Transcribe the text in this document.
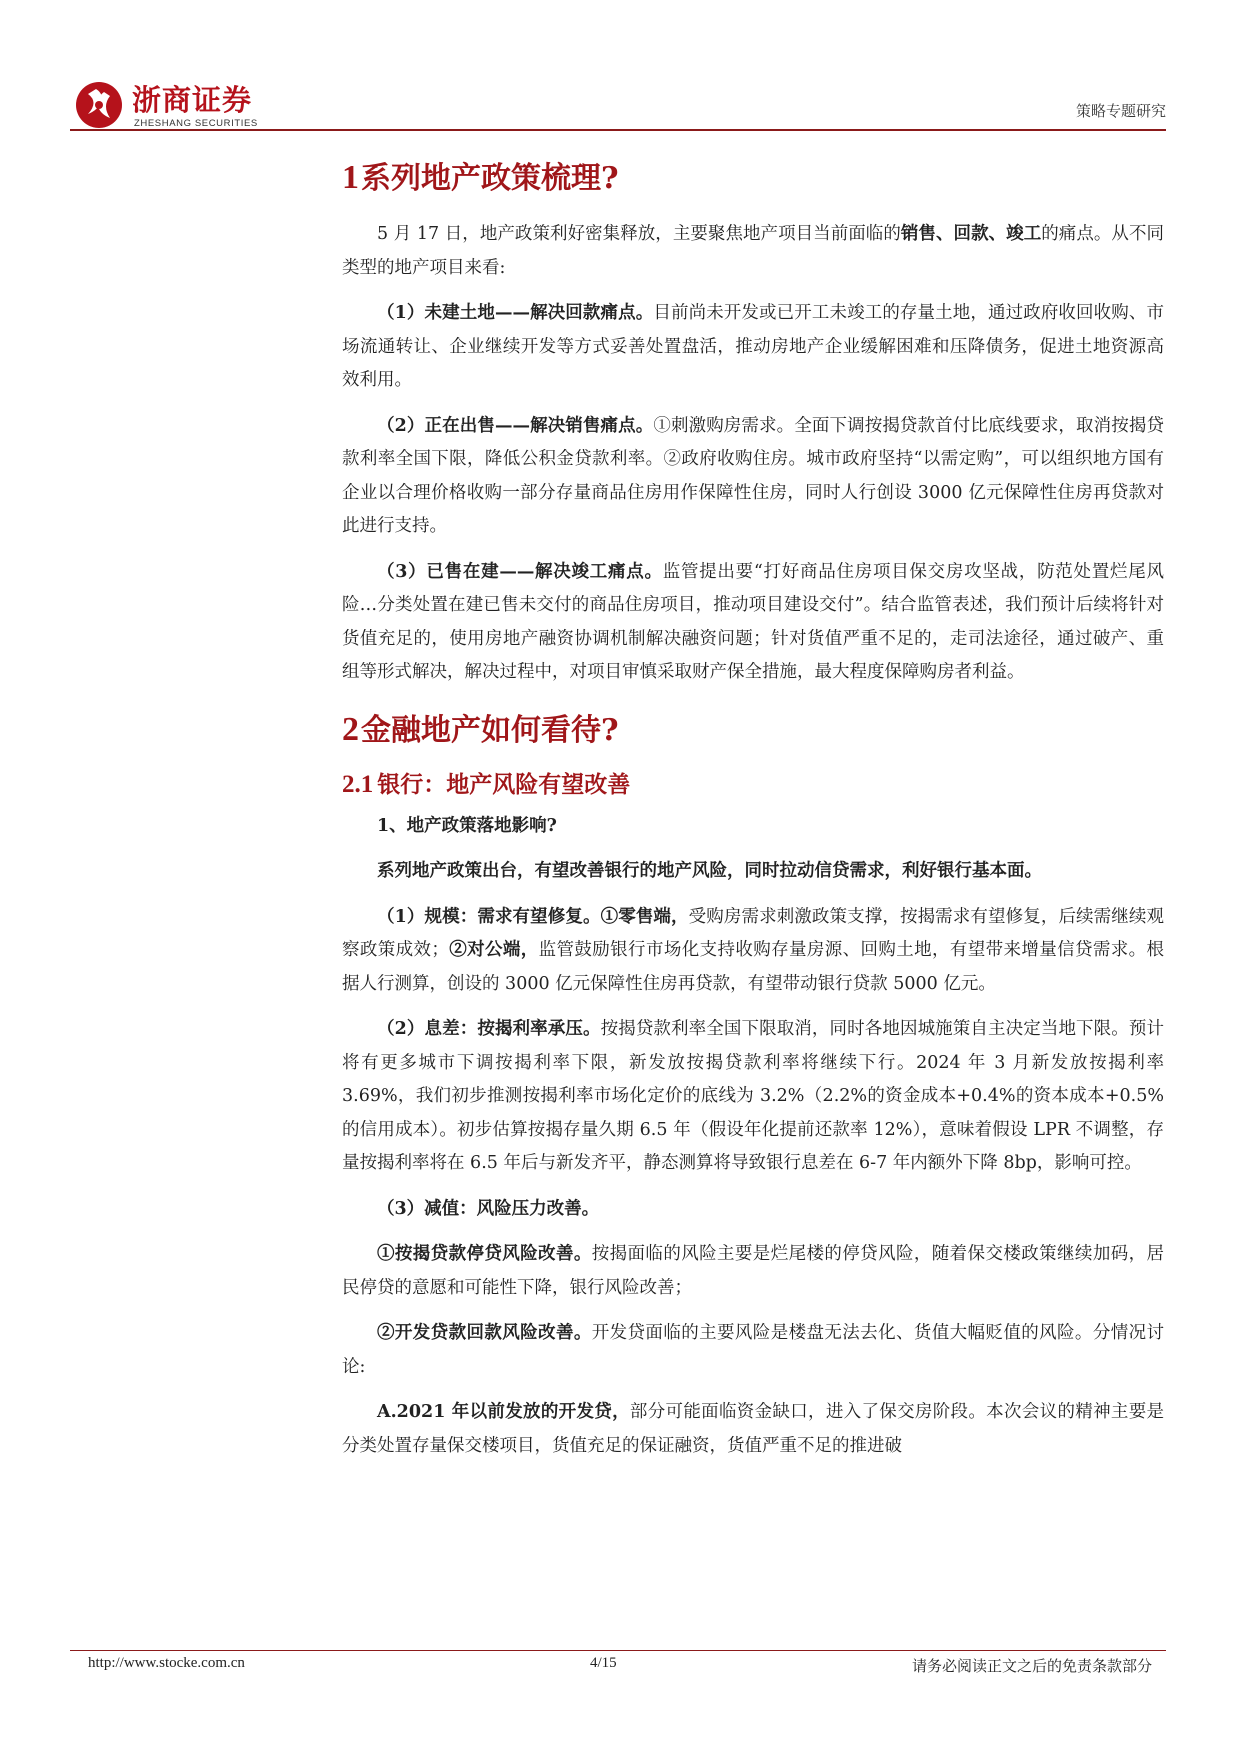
浙商证券
ZHESHANG SECURITIES
策略专题研究
1系列地产政策梳理?

5 月 17 日，地产政策利好密集释放，主要聚焦地产项目当前面临的销售、回款、竣工的痛点。从不同类型的地产项目来看:

（1）未建土地——解决回款痛点。目前尚未开发或已开工未竣工的存量土地，通过政府收回收购、市场流通转让、企业继续开发等方式妥善处置盘活，推动房地产企业缓解困难和压降债务，促进土地资源高效利用。

（2）正在出售——解决销售痛点。①刺激购房需求。全面下调按揭贷款首付比底线要求，取消按揭贷款利率全国下限，降低公积金贷款利率。②政府收购住房。城市政府坚持“以需定购”，可以组织地方国有企业以合理价格收购一部分存量商品住房用作保障性住房，同时人行创设 3000 亿元保障性住房再贷款对此进行支持。

（3）已售在建——解决竣工痛点。监管提出要“打好商品住房项目保交房攻坚战，防范处置烂尾风险…分类处置在建已售未交付的商品住房项目，推动项目建设交付”。结合监管表述，我们预计后续将针对货值充足的，使用房地产融资协调机制解决融资问题；针对货值严重不足的，走司法途径，通过破产、重组等形式解决，解决过程中，对项目审慎采取财产保全措施，最大程度保障购房者利益。

2金融地产如何看待?
2.1 银行：地产风险有望改善

1、地产政策落地影响?

系列地产政策出台，有望改善银行的地产风险，同时拉动信贷需求，利好银行基本面。

（1）规模：需求有望修复。①零售端，受购房需求刺激政策支撑，按揭需求有望修复，后续需继续观察政策成效；②对公端，监管鼓励银行市场化支持收购存量房源、回购土地，有望带来增量信贷需求。根据人行测算，创设的 3000 亿元保障性住房再贷款，有望带动银行贷款 5000 亿元。

（2）息差：按揭利率承压。按揭贷款利率全国下限取消，同时各地因城施策自主决定当地下限。预计将有更多城市下调按揭利率下限，新发放按揭贷款利率将继续下行。2024 年 3 月新发放按揭利率 3.69%，我们初步推测按揭利率市场化定价的底线为 3.2%（2.2%的资金成本+0.4%的资本成本+0.5%的信用成本）。初步估算按揭存量久期 6.5 年（假设年化提前还款率 12%），意味着假设 LPR 不调整，存量按揭利率将在 6.5 年后与新发齐平，静态测算将导致银行息差在 6-7 年内额外下降 8bp，影响可控。

（3）减值：风险压力改善。

①按揭贷款停贷风险改善。按揭面临的风险主要是烂尾楼的停贷风险，随着保交楼政策继续加码，居民停贷的意愿和可能性下降，银行风险改善；

②开发贷款回款风险改善。开发贷面临的主要风险是楼盘无法去化、货值大幅贬值的风险。分情况讨论:

A.2021 年以前发放的开发贷，部分可能面临资金缺口，进入了保交房阶段。本次会议的精神主要是分类处置存量保交楼项目，货值充足的保证融资，货值严重不足的推进破

http://www.stocke.com.cn	4/15	请务必阅读正文之后的免责条款部分
